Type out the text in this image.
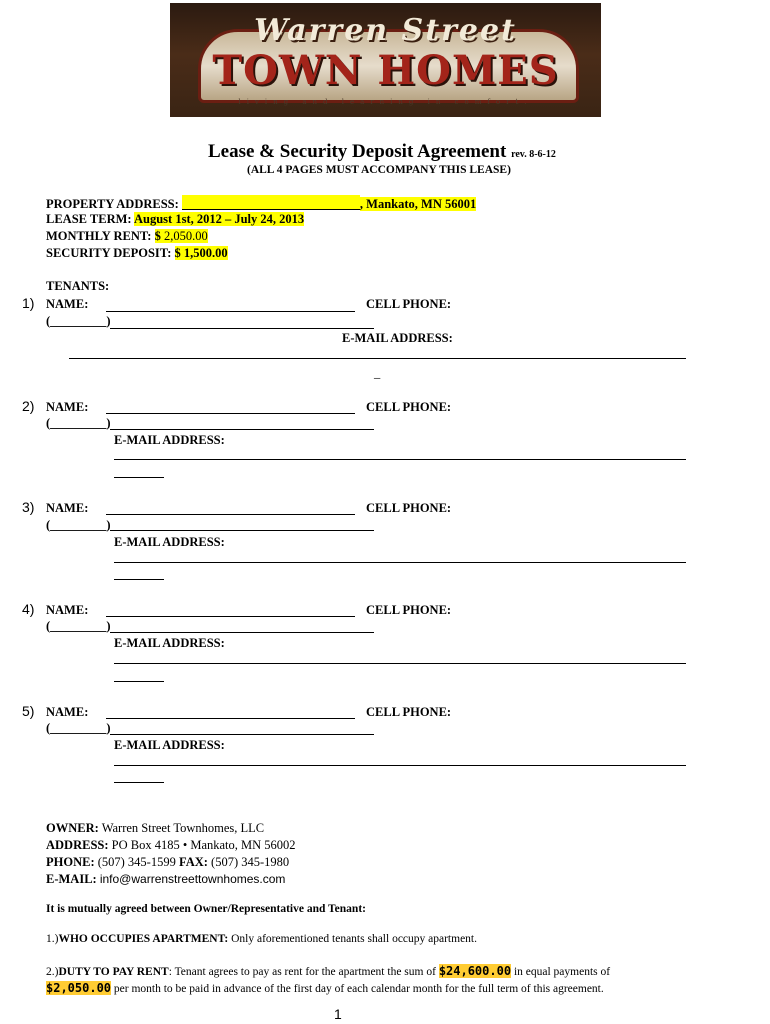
Warren Street
TOWN HOMES
living and learning in comfort.
Lease & Security Deposit Agreement rev. 8-6-12
(ALL 4 PAGES MUST ACCOMPANY THIS LEASE)
PROPERTY ADDRESS:	, Mankato, MN 56001
LEASE TERM: August 1st, 2012 – July 24, 2013
MONTHLY RENT: $ 2,050.00
SECURITY DEPOSIT: $ 1,500.00
TENANTS:
1) NAME:	CELL PHONE:
(_________)
E-MAIL ADDRESS:
_
2) NAME:	CELL PHONE:
(_________)
E-MAIL ADDRESS:
3) NAME:	CELL PHONE:
(_________)
E-MAIL ADDRESS:
4) NAME:	CELL PHONE:
(_________)
E-MAIL ADDRESS:
5) NAME:	CELL PHONE:
(_________)
E-MAIL ADDRESS:
OWNER: Warren Street Townhomes, LLC
ADDRESS: PO Box 4185 • Mankato, MN 56002
PHONE: (507) 345-1599 FAX: (507) 345-1980
E-MAIL: info@warrenstreettownhomes.com
It is mutually agreed between Owner/Representative and Tenant:
1.)WHO OCCUPIES APARTMENT: Only aforementioned tenants shall occupy apartment.
2.)DUTY TO PAY RENT: Tenant agrees to pay as rent for the apartment the sum of $24,600.00 in equal payments of
$2,050.00 per month to be paid in advance of the first day of each calendar month for the full term of this agreement.
1
